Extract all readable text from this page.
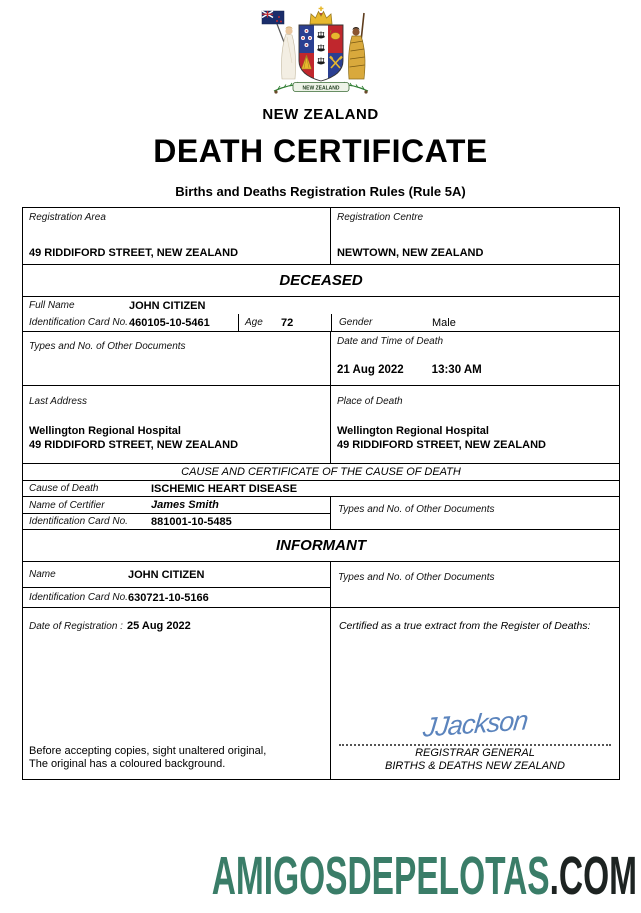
NEW ZEALAND
NEW ZEALAND
DEATH CERTIFICATE
Births and Deaths Registration Rules (Rule 5A)
Registration Area
49 RIDDIFORD STREET, NEW ZEALAND
Registration Centre
NEWTOWN, NEW ZEALAND
DECEASED
Full Name	JOHN CITIZEN
Identification Card No. 460105-10-5461	Age	72	Gender	Male
Types and No. of Other Documents	Date and Time of Death
21 Aug 2022 13:30 AM
Last Address
Wellington Regional Hospital
49 RIDDIFORD STREET, NEW ZEALAND
Place of Death
Wellington Regional Hospital
49 RIDDIFORD STREET, NEW ZEALAND
CAUSE AND CERTIFICATE OF THE CAUSE OF DEATH
Cause of Death	ISCHEMIC HEART DISEASE
Name of Certifier	James Smith
Identification Card No.	881001-10-5485
Types and No. of Other Documents
INFORMANT
Name	JOHN CITIZEN
Identification Card No. 630721-10-5166
Types and No. of Other Documents
Date of Registration : 25 Aug 2022
Before accepting copies, sight unaltered original,
The original has a coloured background.
Certified as a true extract from the Register of Deaths:
JJackson
REGISTRAR GENERAL
BIRTHS & DEATHS NEW ZEALAND
AMIGOSDEPELOTAS.COM
